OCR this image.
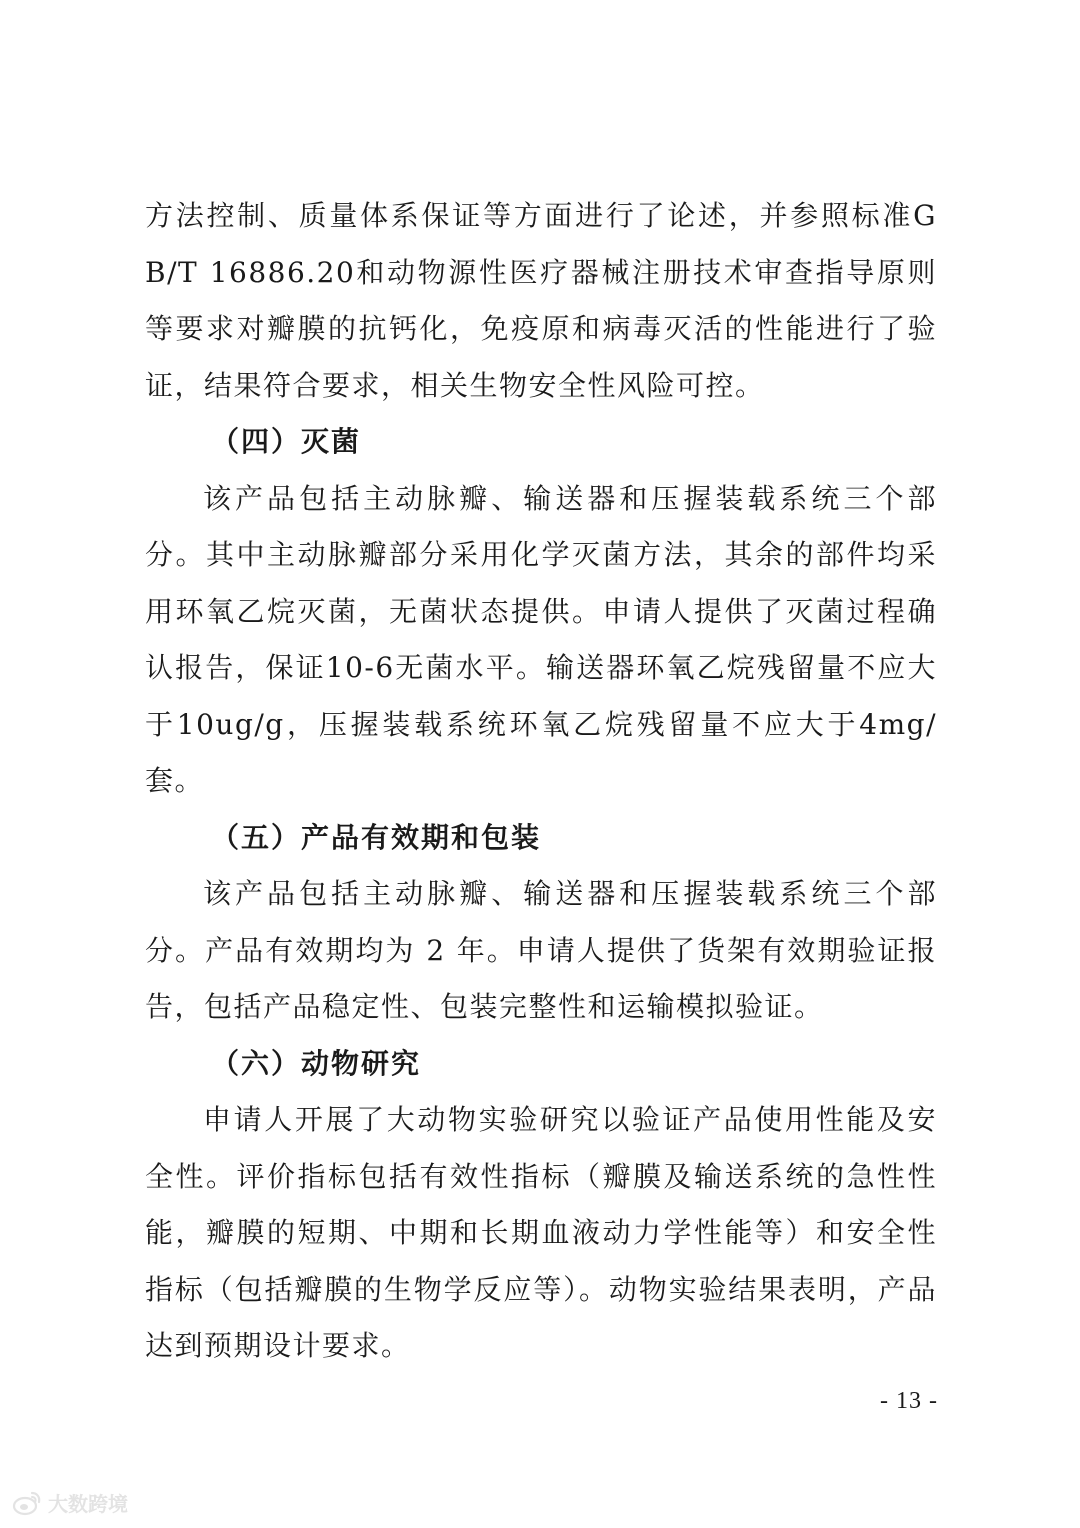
方法控制、质量体系保证等方面进行了论述，并参照标准GB/T 16886.20和动物源性医疗器械注册技术审查指导原则等要求对瓣膜的抗钙化，免疫原和病毒灭活的性能进行了验证，结果符合要求，相关生物安全性风险可控。

（四）灭菌

该产品包括主动脉瓣、输送器和压握装载系统三个部分。其中主动脉瓣部分采用化学灭菌方法，其余的部件均采用环氧乙烷灭菌，无菌状态提供。申请人提供了灭菌过程确认报告，保证10-6无菌水平。输送器环氧乙烷残留量不应大于10ug/g，压握装载系统环氧乙烷残留量不应大于4mg/套。

（五）产品有效期和包装

该产品包括主动脉瓣、输送器和压握装载系统三个部分。产品有效期均为 2 年。申请人提供了货架有效期验证报告，包括产品稳定性、包装完整性和运输模拟验证。

（六）动物研究

申请人开展了大动物实验研究以验证产品使用性能及安全性。评价指标包括有效性指标（瓣膜及输送系统的急性性能，瓣膜的短期、中期和长期血液动力学性能等）和安全性指标（包括瓣膜的生物学反应等）。动物实验结果表明，产品达到预期设计要求。

- 13 -
大数跨境
